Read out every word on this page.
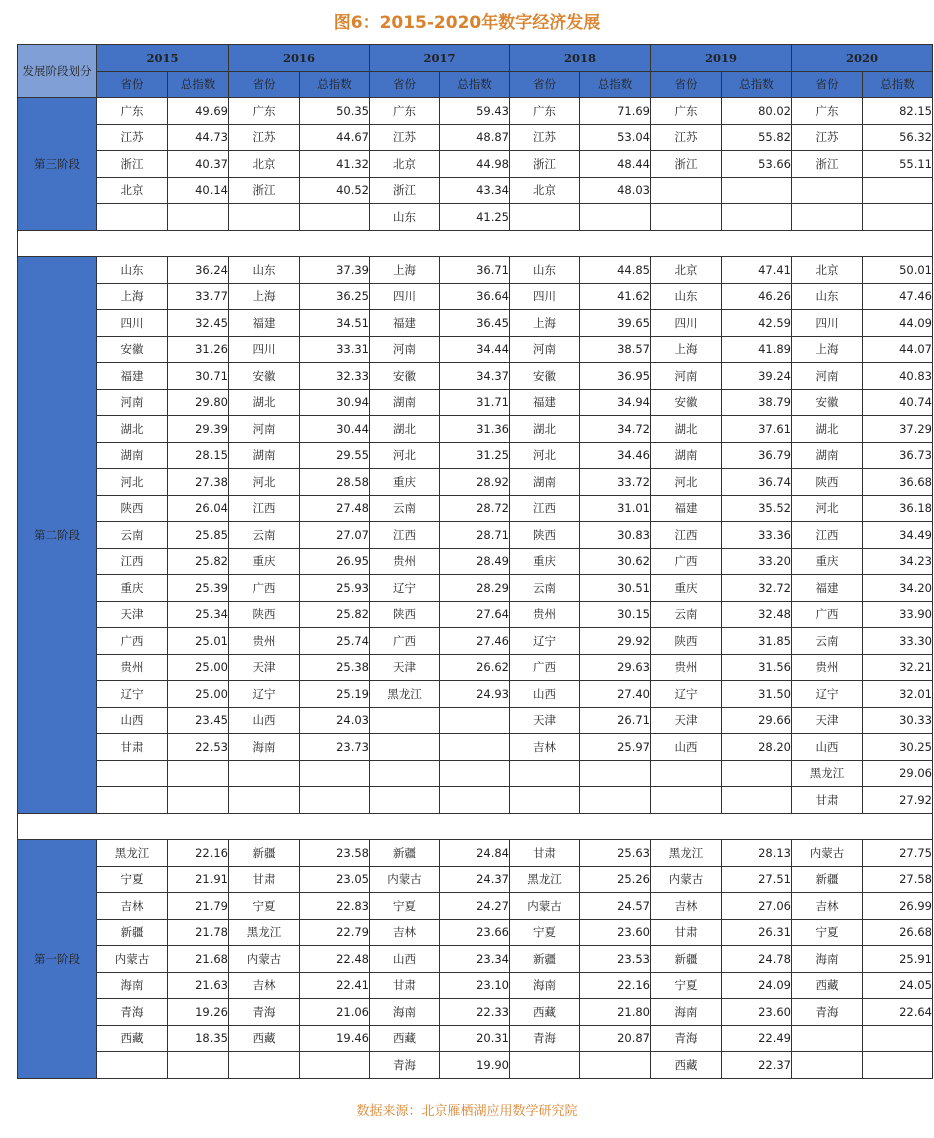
图6：2015-2020年数字经济发展
发展阶段划分	2015		2016		2017		2018		2019		2020	
	省份	总指数	省份	总指数	省份	总指数	省份	总指数	省份	总指数	省份	总指数
第三阶段	广东	49.69	广东	50.35	广东	59.43	广东	71.69	广东	80.02	广东	82.15
	江苏	44.73	江苏	44.67	江苏	48.87	江苏	53.04	江苏	55.82	江苏	56.32
	浙江	40.37	北京	41.32	北京	44.98	浙江	48.44	浙江	53.66	浙江	55.11
	北京	40.14	浙江	40.52	浙江	43.34	北京	48.03				
					山东	41.25						

第二阶段	山东	36.24	山东	37.39	上海	36.71	山东	44.85	北京	47.41	北京	50.01
	上海	33.77	上海	36.25	四川	36.64	四川	41.62	山东	46.26	山东	47.46
	四川	32.45	福建	34.51	福建	36.45	上海	39.65	四川	42.59	四川	44.09
	安徽	31.26	四川	33.31	河南	34.44	河南	38.57	上海	41.89	上海	44.07
	福建	30.71	安徽	32.33	安徽	34.37	安徽	36.95	河南	39.24	河南	40.83
	河南	29.80	湖北	30.94	湖南	31.71	福建	34.94	安徽	38.79	安徽	40.74
	湖北	29.39	河南	30.44	湖北	31.36	湖北	34.72	湖北	37.61	湖北	37.29
	湖南	28.15	湖南	29.55	河北	31.25	河北	34.46	湖南	36.79	湖南	36.73
	河北	27.38	河北	28.58	重庆	28.92	湖南	33.72	河北	36.74	陕西	36.68
	陕西	26.04	江西	27.48	云南	28.72	江西	31.01	福建	35.52	河北	36.18
	云南	25.85	云南	27.07	江西	28.71	陕西	30.83	江西	33.36	江西	34.49
	江西	25.82	重庆	26.95	贵州	28.49	重庆	30.62	广西	33.20	重庆	34.23
	重庆	25.39	广西	25.93	辽宁	28.29	云南	30.51	重庆	32.72	福建	34.20
	天津	25.34	陕西	25.82	陕西	27.64	贵州	30.15	云南	32.48	广西	33.90
	广西	25.01	贵州	25.74	广西	27.46	辽宁	29.92	陕西	31.85	云南	33.30
	贵州	25.00	天津	25.38	天津	26.62	广西	29.63	贵州	31.56	贵州	32.21
	辽宁	25.00	辽宁	25.19	黑龙江	24.93	山西	27.40	辽宁	31.50	辽宁	32.01
	山西	23.45	山西	24.03			天津	26.71	天津	29.66	天津	30.33
	甘肃	22.53	海南	23.73			吉林	25.97	山西	28.20	山西	30.25
											黑龙江	29.06
											甘肃	27.92

第一阶段	黑龙江	22.16	新疆	23.58	新疆	24.84	甘肃	25.63	黑龙江	28.13	内蒙古	27.75
	宁夏	21.91	甘肃	23.05	内蒙古	24.37	黑龙江	25.26	内蒙古	27.51	新疆	27.58
	吉林	21.79	宁夏	22.83	宁夏	24.27	内蒙古	24.57	吉林	27.06	吉林	26.99
	新疆	21.78	黑龙江	22.79	吉林	23.66	宁夏	23.60	甘肃	26.31	宁夏	26.68
	内蒙古	21.68	内蒙古	22.48	山西	23.34	新疆	23.53	新疆	24.78	海南	25.91
	海南	21.63	吉林	22.41	甘肃	23.10	海南	22.16	宁夏	24.09	西藏	24.05
	青海	19.26	青海	21.06	海南	22.33	西藏	21.80	海南	23.60	青海	22.64
	西藏	18.35	西藏	19.46	西藏	20.31	青海	20.87	青海	22.49		
					青海	19.90			西藏	22.37		
数据来源：北京雁栖湖应用数学研究院
